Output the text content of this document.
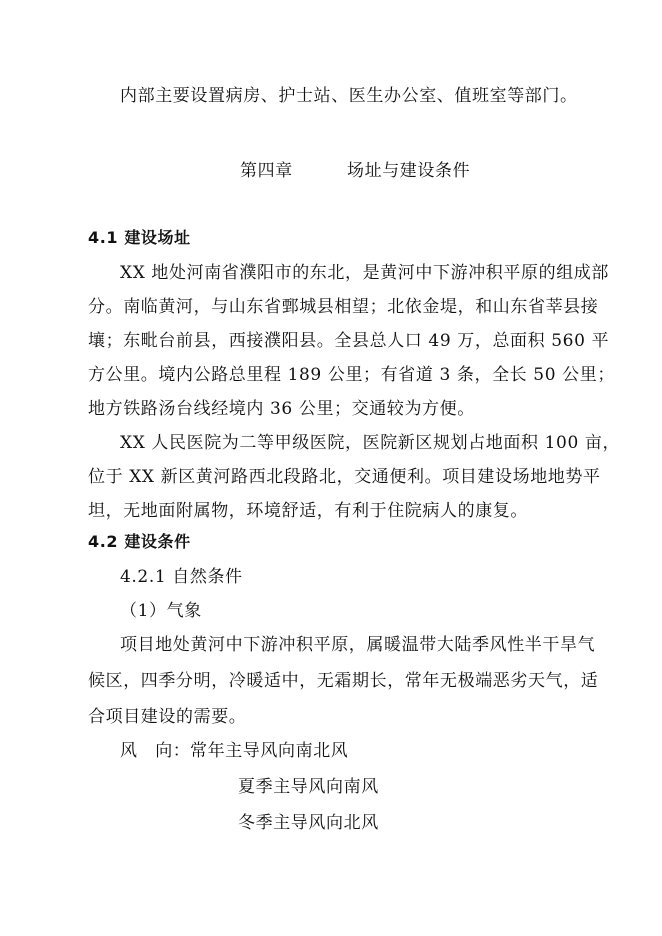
内部主要设置病房、护士站、医生办公室、值班室等部门。
第四章	场址与建设条件
4.1 建设场址
XX 地处河南省濮阳市的东北，是黄河中下游冲积平原的组成部
分。南临黄河，与山东省鄄城县相望；北依金堤，和山东省莘县接
壤；东毗台前县，西接濮阳县。全县总人口 49 万，总面积 560 平
方公里。境内公路总里程 189 公里；有省道 3 条，全长 50 公里；
地方铁路汤台线经境内 36 公里；交通较为方便。
XX 人民医院为二等甲级医院，医院新区规划占地面积 100 亩，
位于 XX 新区黄河路西北段路北，交通便利。项目建设场地地势平
坦，无地面附属物，环境舒适，有利于住院病人的康复。
4.2 建设条件
4.2.1 自然条件
（1）气象
项目地处黄河中下游冲积平原，属暖温带大陆季风性半干旱气
候区，四季分明，冷暖适中，无霜期长，常年无极端恶劣天气，适
合项目建设的需要。
风　向： 常年主导风向南北风
夏季主导风向南风
冬季主导风向北风
